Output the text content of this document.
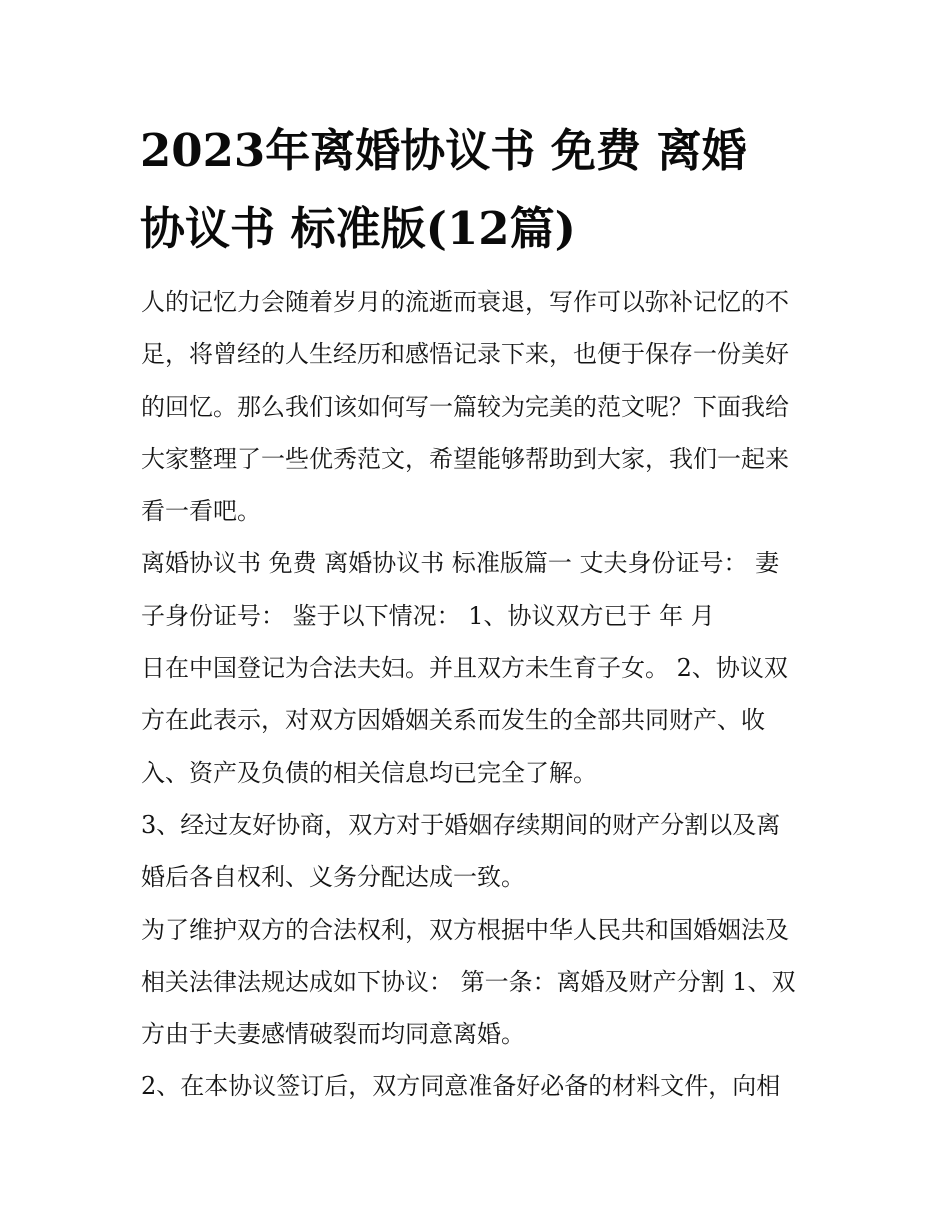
2023年离婚协议书 免费 离婚
协议书 标准版(12篇)
人的记忆力会随着岁月的流逝而衰退，写作可以弥补记忆的不
足，将曾经的人生经历和感悟记录下来，也便于保存一份美好
的回忆。那么我们该如何写一篇较为完美的范文呢？下面我给
大家整理了一些优秀范文，希望能够帮助到大家，我们一起来
看一看吧。
离婚协议书 免费 离婚协议书 标准版篇一 丈夫身份证号： 妻
子身份证号： 鉴于以下情况： 1、协议双方已于 年 月
日在中国登记为合法夫妇。并且双方未生育子女。 2、协议双
方在此表示，对双方因婚姻关系而发生的全部共同财产、收
入、资产及负债的相关信息均已完全了解。
3、经过友好协商，双方对于婚姻存续期间的财产分割以及离
婚后各自权利、义务分配达成一致。
为了维护双方的合法权利，双方根据中华人民共和国婚姻法及
相关法律法规达成如下协议： 第一条：离婚及财产分割 1、双
方由于夫妻感情破裂而均同意离婚。
2、在本协议签订后，双方同意准备好必备的材料文件，向相
